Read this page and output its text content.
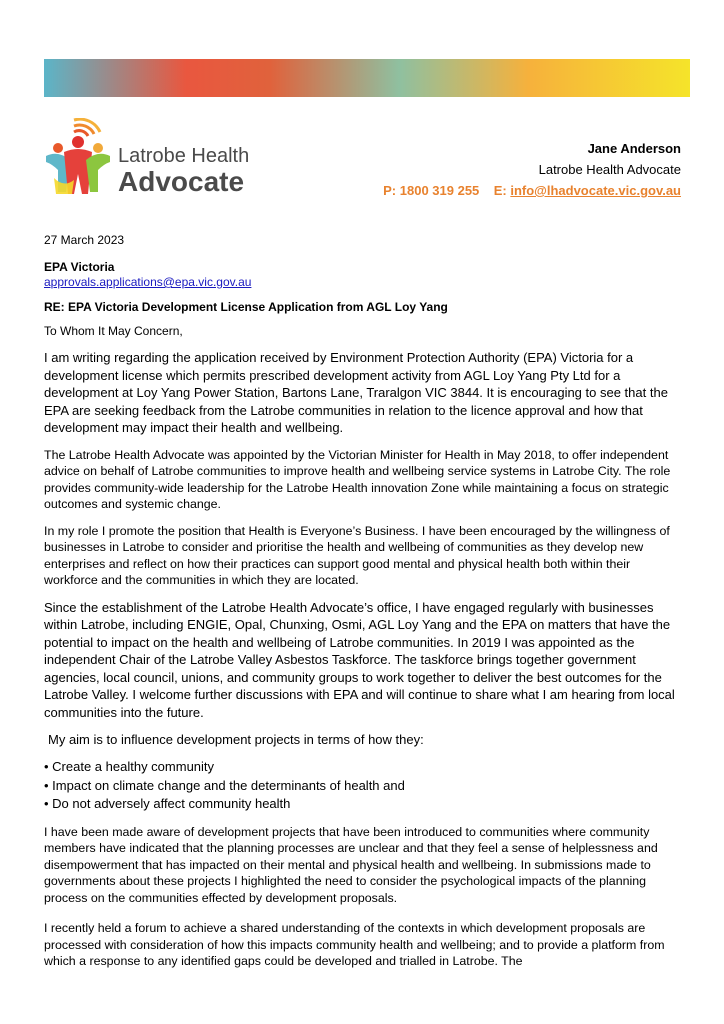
Latrobe Health
Advocate
Jane Anderson
Latrobe Health Advocate
P: 1800 319 255 E: info@lhadvocate.vic.gov.au
27 March 2023
EPA Victoria
approvals.applications@epa.vic.gov.au
RE: EPA Victoria Development License Application from AGL Loy Yang
To Whom It May Concern,
I am writing regarding the application received by Environment Protection Authority (EPA) Victoria for a development license which permits prescribed development activity from AGL Loy Yang Pty Ltd for a development at Loy Yang Power Station, Bartons Lane, Traralgon VIC 3844. It is encouraging to see that the EPA are seeking feedback from the Latrobe communities in relation to the licence approval and how that development may impact their health and wellbeing.
The Latrobe Health Advocate was appointed by the Victorian Minister for Health in May 2018, to offer independent advice on behalf of Latrobe communities to improve health and wellbeing service systems in Latrobe City. The role provides community-wide leadership for the Latrobe Health innovation Zone while maintaining a focus on strategic outcomes and systemic change.
In my role I promote the position that Health is Everyone’s Business. I have been encouraged by the willingness of businesses in Latrobe to consider and prioritise the health and wellbeing of communities as they develop new enterprises and reflect on how their practices can support good mental and physical health both within their workforce and the communities in which they are located.
Since the establishment of the Latrobe Health Advocate’s office, I have engaged regularly with businesses within Latrobe, including ENGIE, Opal, Chunxing, Osmi, AGL Loy Yang and the EPA on matters that have the potential to impact on the health and wellbeing of Latrobe communities. In 2019 I was appointed as the independent Chair of the Latrobe Valley Asbestos Taskforce. The taskforce brings together government agencies, local council, unions, and community groups to work together to deliver the best outcomes for the Latrobe Valley. I welcome further discussions with EPA and will continue to share what I am hearing from local communities into the future.
My aim is to influence development projects in terms of how they:
• Create a healthy community
• Impact on climate change and the determinants of health and
• Do not adversely affect community health
I have been made aware of development projects that have been introduced to communities where community members have indicated that the planning processes are unclear and that they feel a sense of helplessness and disempowerment that has impacted on their mental and physical health and wellbeing. In submissions made to governments about these projects I highlighted the need to consider the psychological impacts of the planning process on the communities effected by development proposals.
I recently held a forum to achieve a shared understanding of the contexts in which development proposals are processed with consideration of how this impacts community health and wellbeing; and to provide a platform from which a response to any identified gaps could be developed and trialled in Latrobe. The
